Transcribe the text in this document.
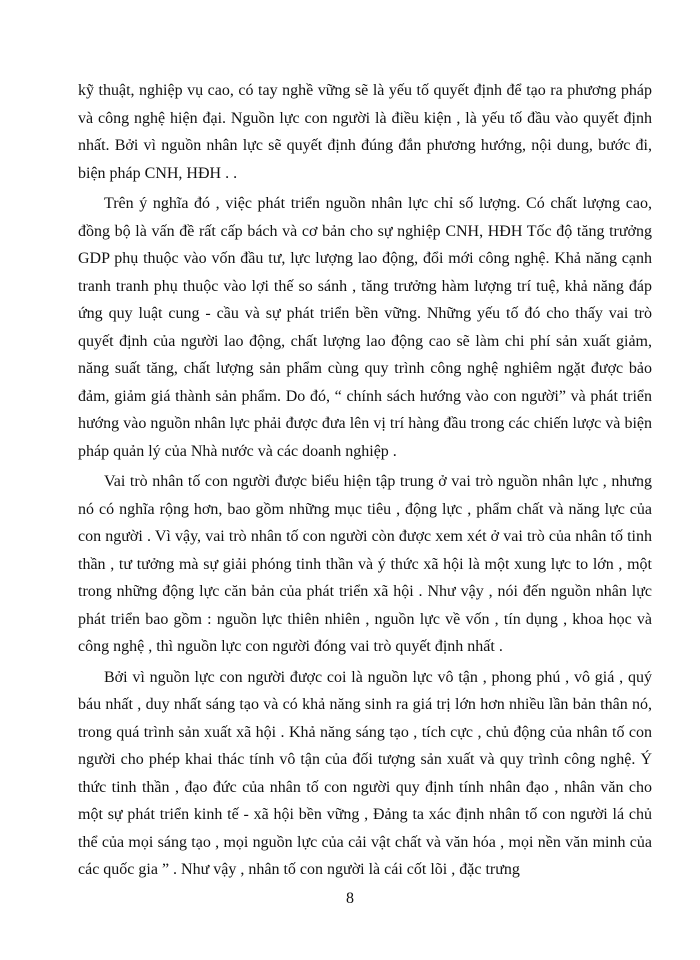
kỹ thuật, nghiệp vụ cao, có tay nghề vững sẽ là yếu tố quyết định để tạo ra phương pháp và công nghệ hiện đại. Nguồn lực con người là điều kiện , là yếu tố đầu vào quyết định nhất. Bởi vì nguồn nhân lực sẽ quyết định đúng đắn phương hướng, nội dung, bước đi, biện pháp CNH, HĐH . .

Trên ý nghĩa đó , việc phát triển nguồn nhân lực chỉ số lượng. Có chất lượng cao, đồng bộ là vấn đề rất cấp bách và cơ bản cho sự nghiệp CNH, HĐH Tốc độ tăng trưởng GDP phụ thuộc vào vốn đầu tư, lực lượng lao động, đổi mới công nghệ. Khả năng cạnh tranh tranh phụ thuộc vào lợi thế so sánh , tăng trưởng hàm lượng trí tuệ, khả năng đáp ứng quy luật cung - cầu và sự phát triển bền vững. Những yếu tố đó cho thấy vai trò quyết định của người lao động, chất lượng lao động cao sẽ làm chi phí sản xuất giảm, năng suất tăng, chất lượng sản phẩm cùng quy trình công nghệ nghiêm ngặt được bảo đảm, giảm giá thành sản phẩm. Do đó, “ chính sách hướng vào con người” và phát triển hướng vào nguồn nhân lực phải được đưa lên vị trí hàng đầu trong các chiến lược và biện pháp quản lý của Nhà nước và các doanh nghiệp .

Vai trò nhân tố con người được biểu hiện tập trung ở vai trò nguồn nhân lực , nhưng nó có nghĩa rộng hơn, bao gồm những mục tiêu , động lực , phẩm chất và năng lực của con người . Vì vậy, vai trò nhân tố con người còn được xem xét ở vai trò của nhân tố tinh thần , tư tưởng mà sự giải phóng tinh thần và ý thức xã hội là một xung lực to lớn , một trong những động lực căn bản của phát triển xã hội . Như vậy , nói đến nguồn nhân lực phát triển bao gồm : nguồn lực thiên nhiên , nguồn lực về vốn , tín dụng , khoa học và công nghệ , thì nguồn lực con người đóng vai trò quyết định nhất .

Bởi vì nguồn lực con người được coi là nguồn lực vô tận , phong phú , vô giá , quý báu nhất , duy nhất sáng tạo và có khả năng sinh ra giá trị lớn hơn nhiều lần bản thân nó, trong quá trình sản xuất xã hội . Khả năng sáng tạo , tích cực , chủ động của nhân tố con người cho phép khai thác tính vô tận của đối tượng sản xuất và quy trình công nghệ. Ý thức tinh thần , đạo đức của nhân tố con người quy định tính nhân đạo , nhân văn cho một sự phát triển kinh tế - xã hội bền vững , Đảng ta xác định nhân tố con người lá chủ thể của mọi sáng tạo , mọi nguồn lực của cải vật chất và văn hóa , mọi nền văn minh của các quốc gia ” . Như vậy , nhân tố con người là cái cốt lõi , đặc trưng

8
